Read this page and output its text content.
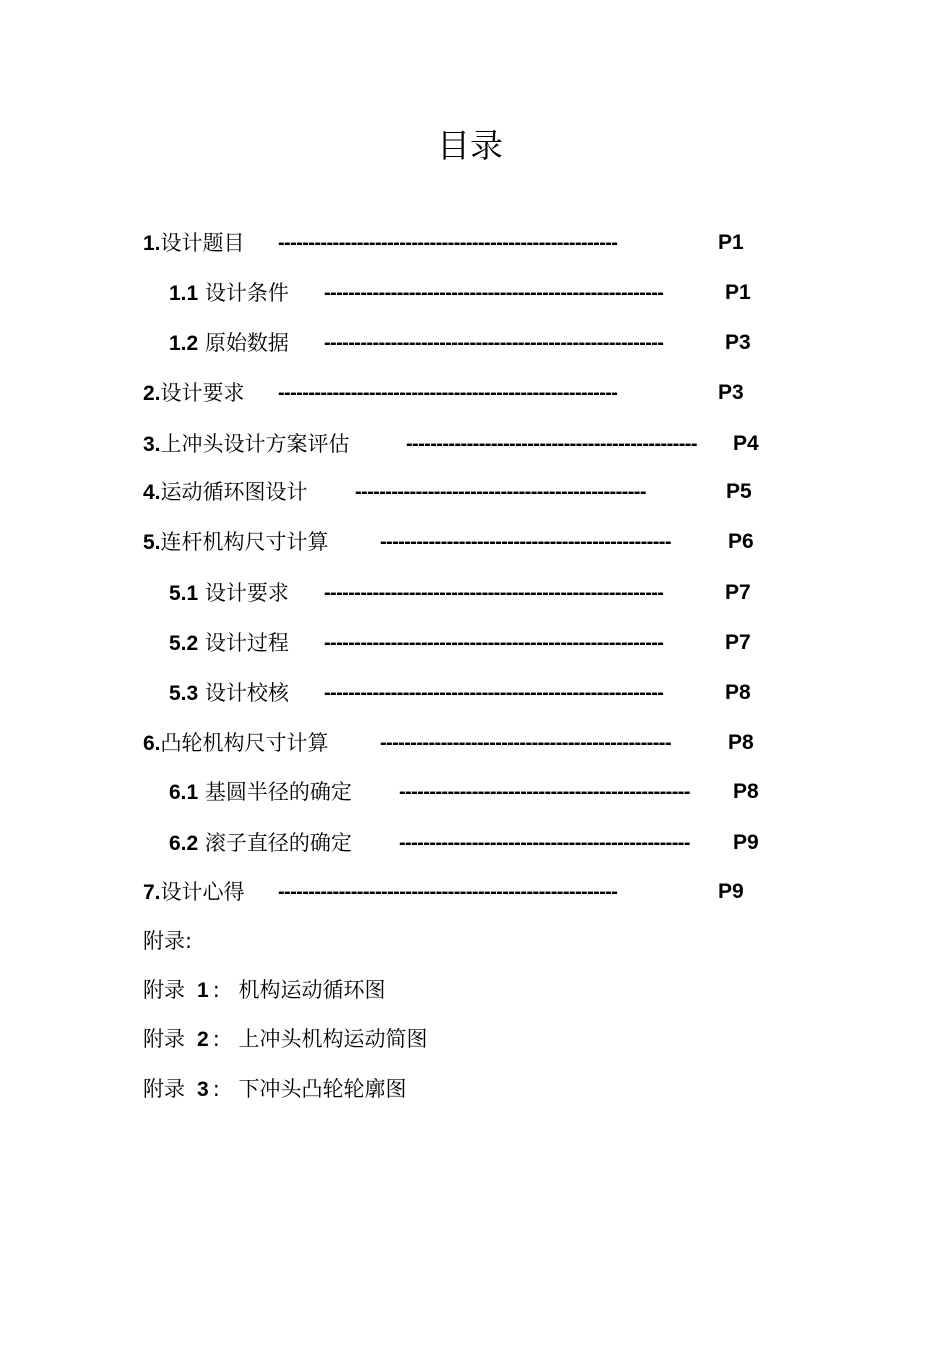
目录
1.设计题目 --------------------------------------------------------	P1
1.1 设计条件 --------------------------------------------------------	P1
1.2 原始数据 --------------------------------------------------------	P3
2.设计要求 --------------------------------------------------------	P3
3.上冲头设计方案评估	------------------------------------------------	P4
4.运动循环图设计 ------------------------------------------------	P5
5.连杆机构尺寸计算	------------------------------------------------	P6
5.1 设计要求 --------------------------------------------------------	P7
5.2 设计过程 --------------------------------------------------------	P7
5.3 设计校核 --------------------------------------------------------	P8
6.凸轮机构尺寸计算	------------------------------------------------	P8
6.1 基圆半径的确定 ------------------------------------------------	P8
6.2 滚子直径的确定 ------------------------------------------------	P9
7.设计心得 --------------------------------------------------------	P9
附录:
附录 1 : 机构运动循环图
附录 2 : 上冲头机构运动简图
附录 3 : 下冲头凸轮轮廓图
